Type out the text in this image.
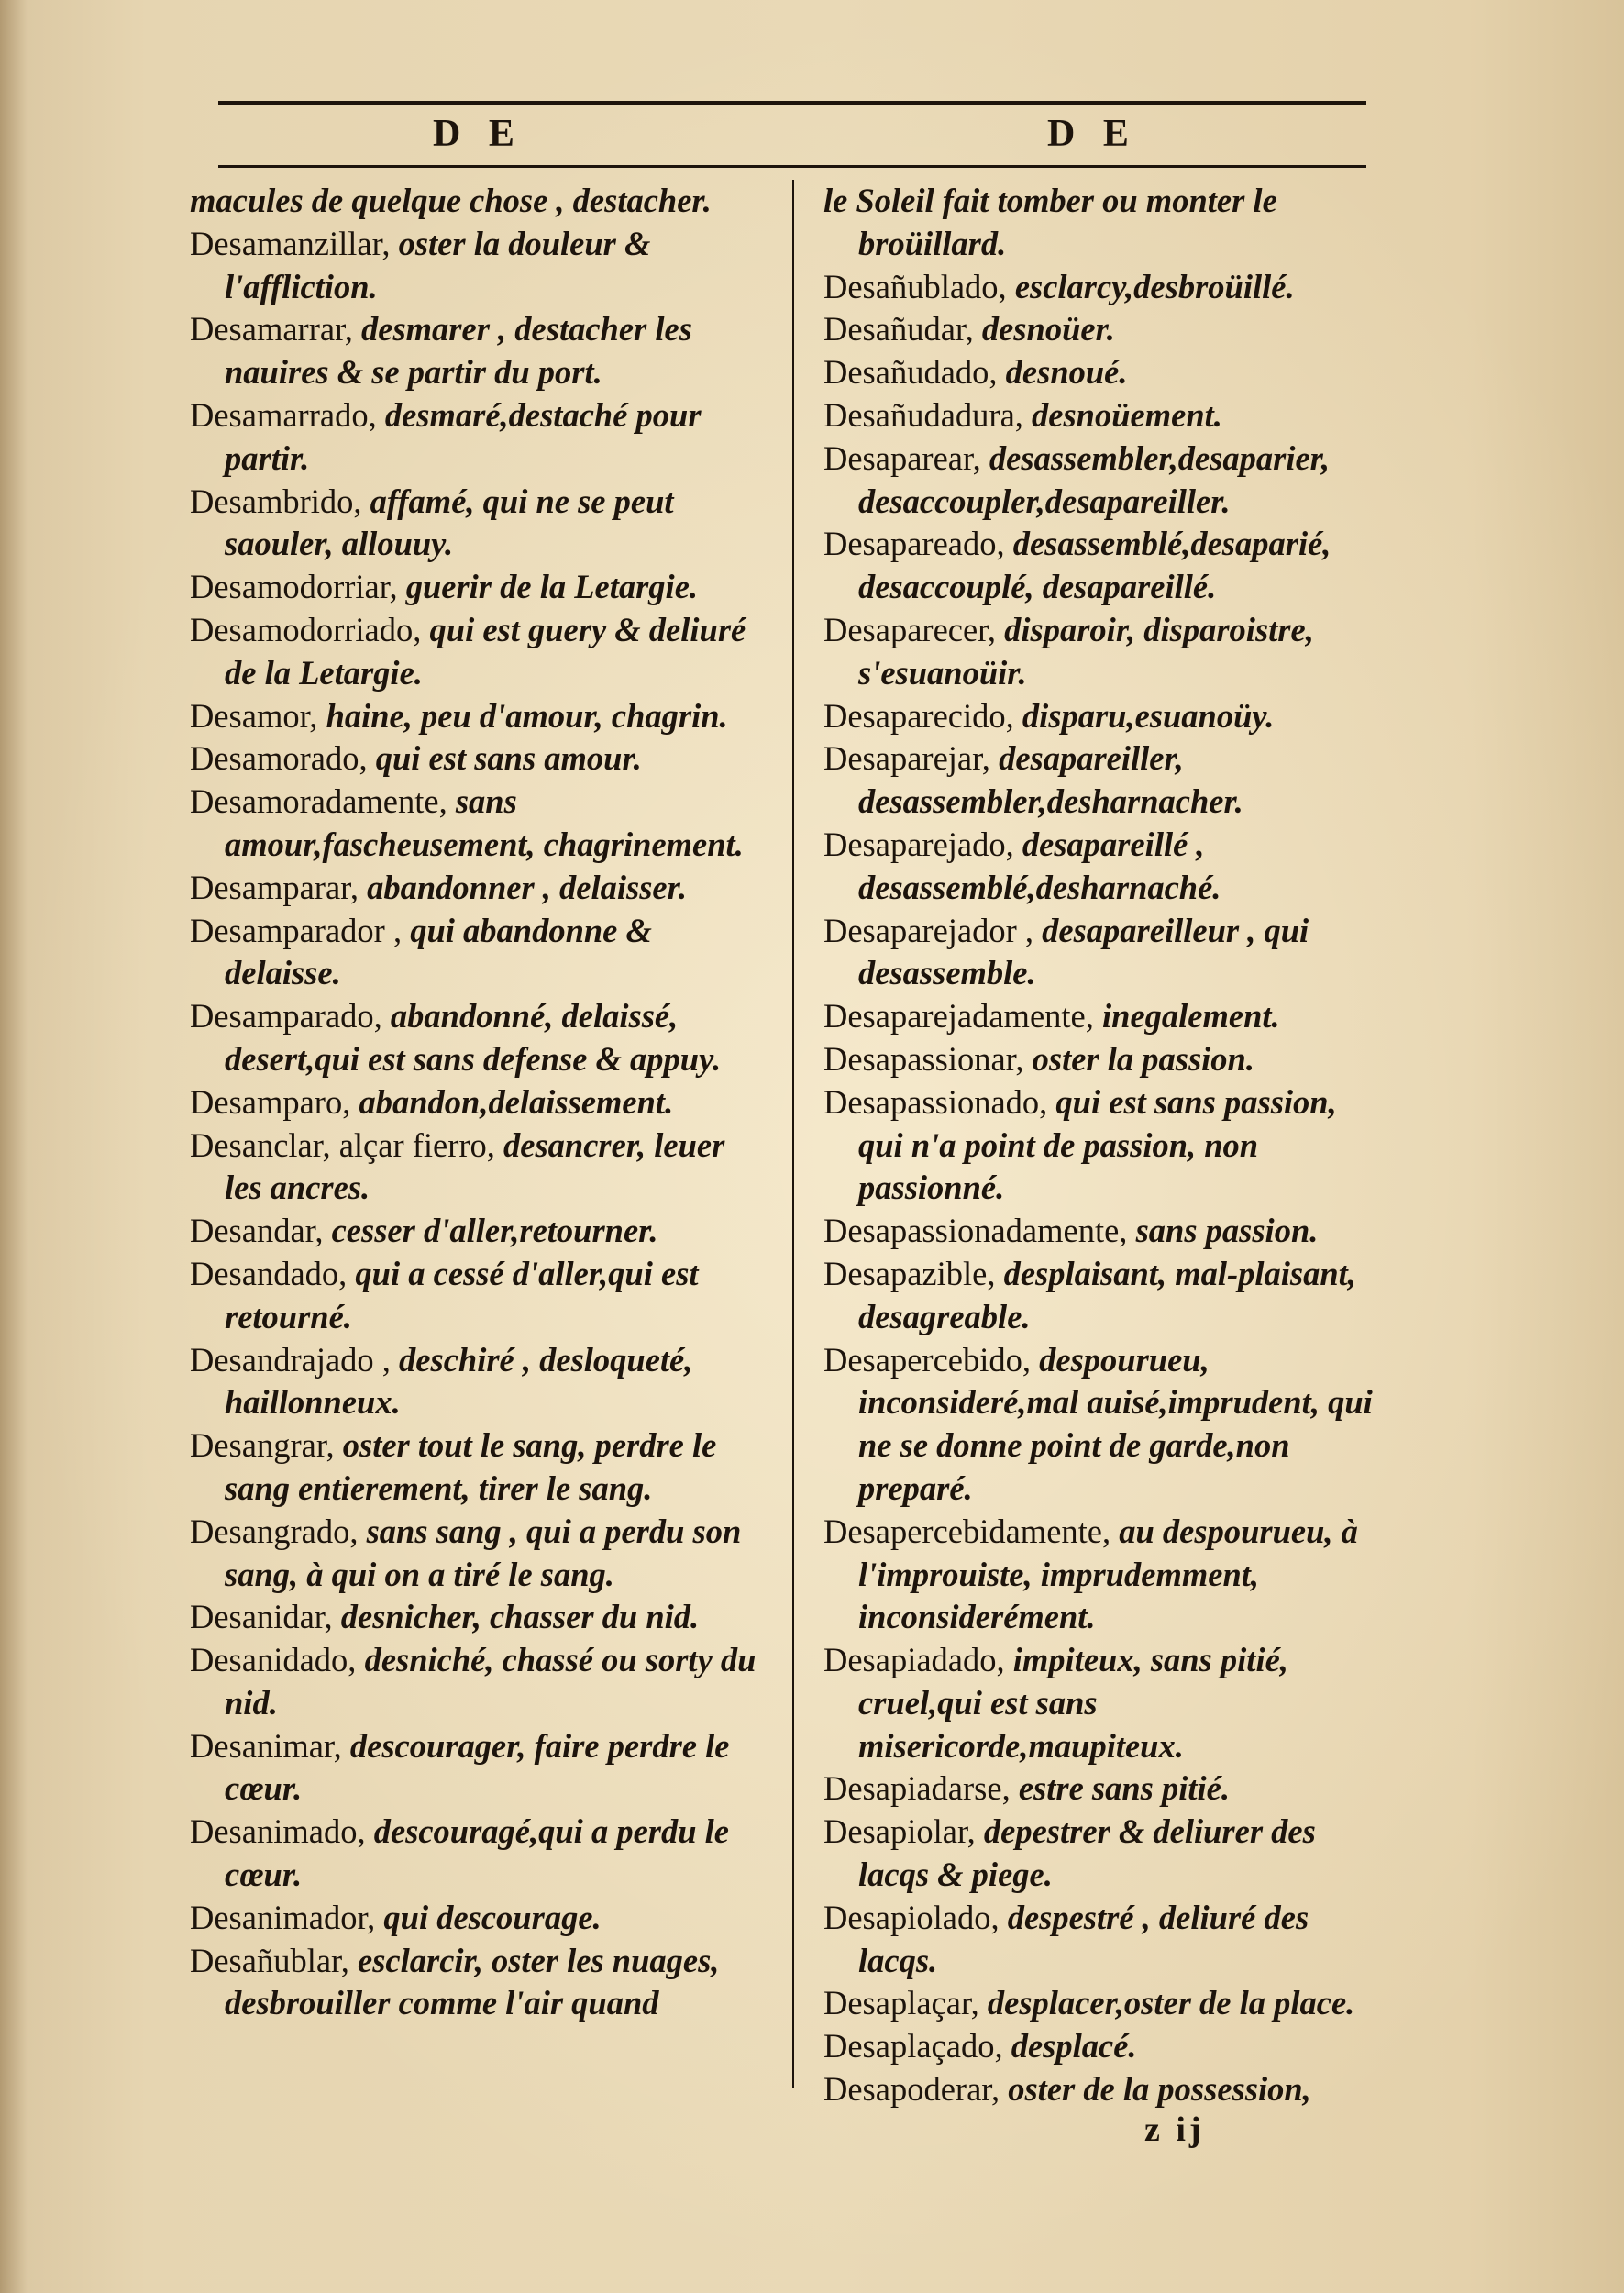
D E	D E

macules de quelque chose , destacher.

Desamanzillar, oster la douleur & l'affliction.

Desamarrar, desmarer , destacher les nauires & se partir du port.

Desamarrado, desmaré,destaché pour partir.

Desambrido, affamé, qui ne se peut saouler, allouuy.

Desamodorriar, guerir de la Letargie.

Desamodorriado, qui est guery & deliuré de la Letargie.

Desamor, haine, peu d'amour, chagrin.

Desamorado, qui est sans amour.

Desamoradamente, sans amour,fascheusement, chagrinement.

Desamparar, abandonner , delaisser.

Desamparador , qui abandonne & delaisse.

Desamparado, abandonné, delaissé, desert,qui est sans defense & appuy.

Desamparo, abandon,delaissement.

Desanclar, alçar fierro, desancrer, leuer les ancres.

Desandar, cesser d'aller,retourner.

Desandado, qui a cessé d'aller,qui est retourné.

Desandrajado , deschiré , desloqueté, haillonneux.

Desangrar, oster tout le sang, perdre le sang entierement, tirer le sang.

Desangrado, sans sang , qui a perdu son sang, à qui on a tiré le sang.

Desanidar, desnicher, chasser du nid.

Desanidado, desniché, chassé ou sorty du nid.

Desanimar, descourager, faire perdre le cœur.

Desanimado, descouragé,qui a perdu le cœur.

Desanimador, qui descourage.

Desañublar, esclarcir, oster les nuages, desbrouiller comme l'air quand

le Soleil fait tomber ou monter le broüillard.

Desañublado, esclarcy,desbroüillé.

Desañudar, desnoüer.

Desañudado, desnoué.

Desañudadura, desnoüement.

Desaparear, desassembler,desaparier, desaccoupler,desapareiller.

Desapareado, desassemblé,desaparié, desaccouplé, desapareillé.

Desaparecer, disparoir, disparoistre, s'esuanoüir.

Desaparecido, disparu,esuanoüy.

Desaparejar, desapareiller, desassembler,desharnacher.

Desaparejado, desapareillé , desassemblé,desharnaché.

Desaparejador , desapareilleur , qui desassemble.

Desaparejadamente, inegalement.

Desapassionar, oster la passion.

Desapassionado, qui est sans passion, qui n'a point de passion, non passionné.

Desapassionadamente, sans passion.

Desapazible, desplaisant, mal-plaisant, desagreable.

Desapercebido, despourueu, inconsideré,mal auisé,imprudent, qui ne se donne point de garde,non preparé.

Desapercebidamente, au despourueu, à l'improuiste, imprudemment, inconsiderément.

Desapiadado, impiteux, sans pitié, cruel,qui est sans misericorde,maupiteux.

Desapiadarse, estre sans pitié.

Desapiolar, depestrer & deliurer des lacqs & piege.

Desapiolado, despestré , deliuré des lacqs.

Desaplaçar, desplacer,oster de la place.

Desaplaçado, desplacé.

Desapoderar, oster de la possession,

z ij
